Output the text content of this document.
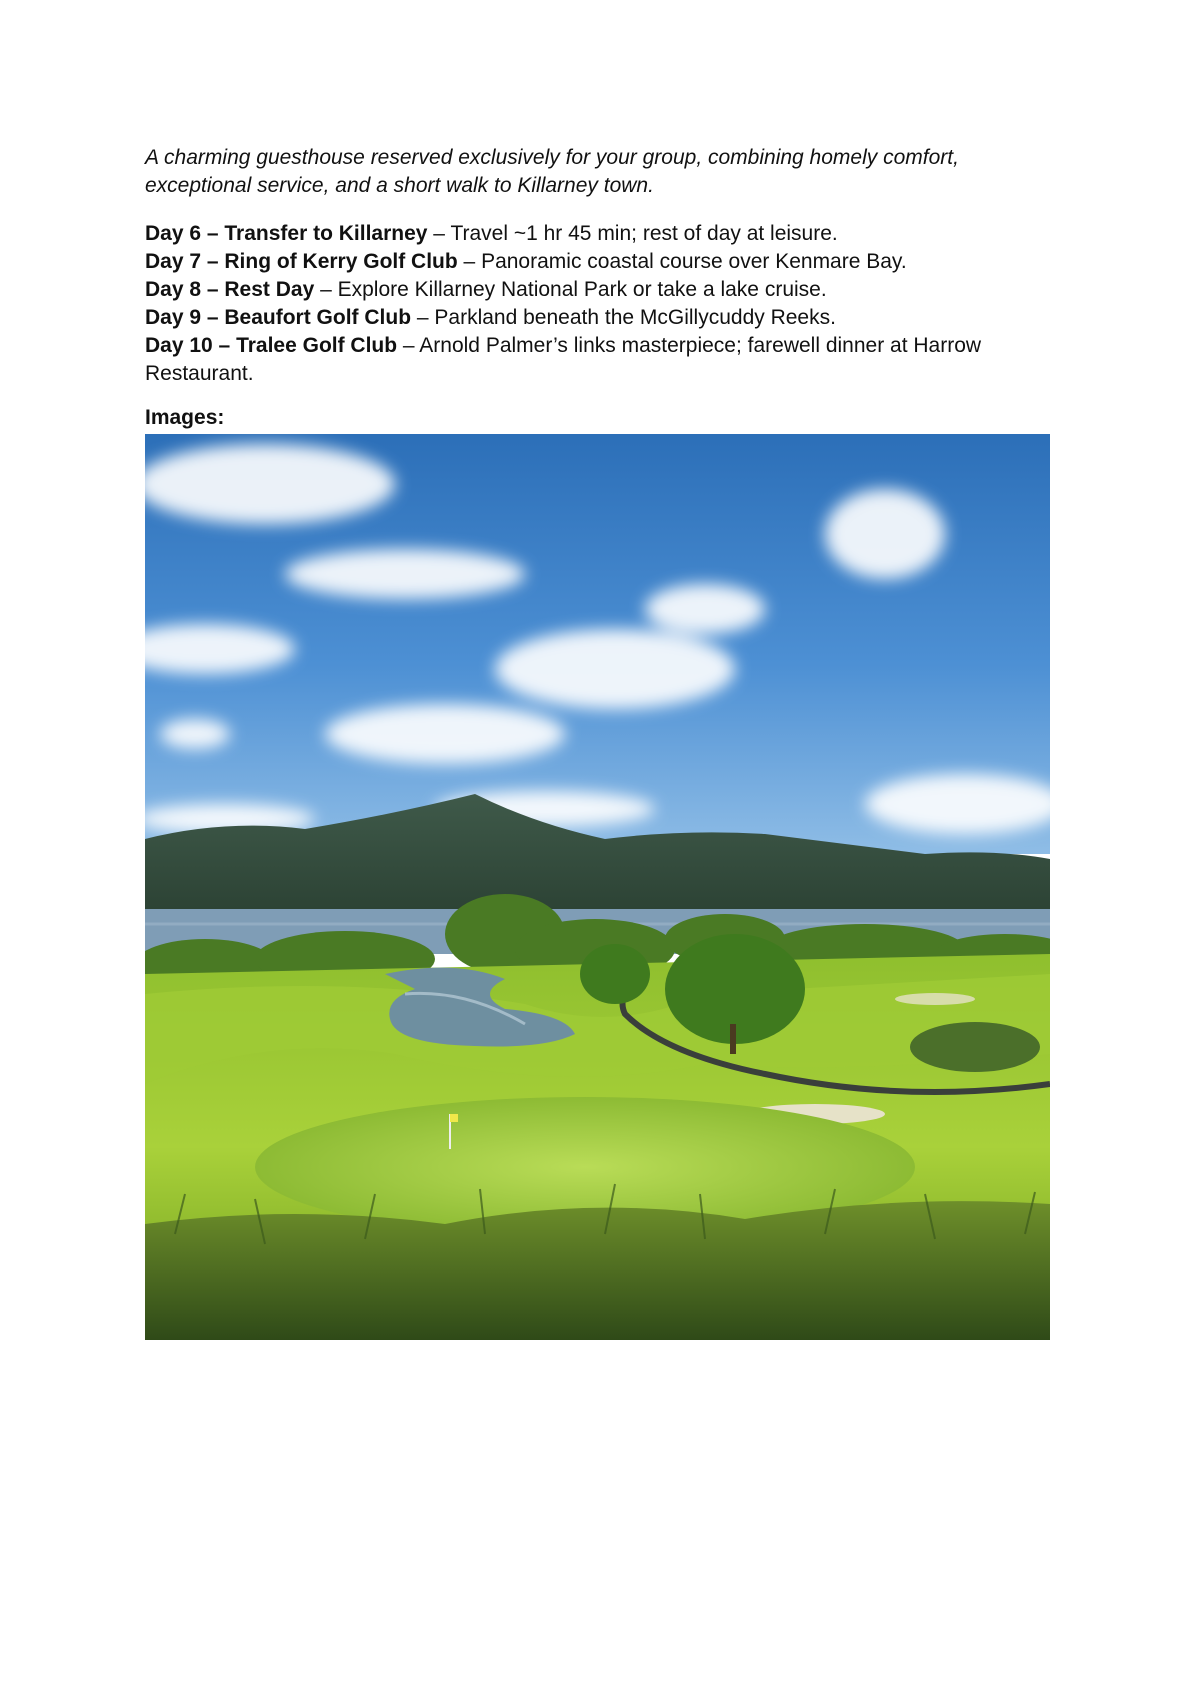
A charming guesthouse reserved exclusively for your group, combining homely comfort, exceptional service, and a short walk to Killarney town.

Day 6 – Transfer to Killarney – Travel ~1 hr 45 min; rest of day at leisure.

Day 7 – Ring of Kerry Golf Club – Panoramic coastal course over Kenmare Bay.

Day 8 – Rest Day – Explore Killarney National Park or take a lake cruise.

Day 9 – Beaufort Golf Club – Parkland beneath the McGillycuddy Reeks.

Day 10 – Tralee Golf Club – Arnold Palmer’s links masterpiece; farewell dinner at Harrow Restaurant.

Images:
